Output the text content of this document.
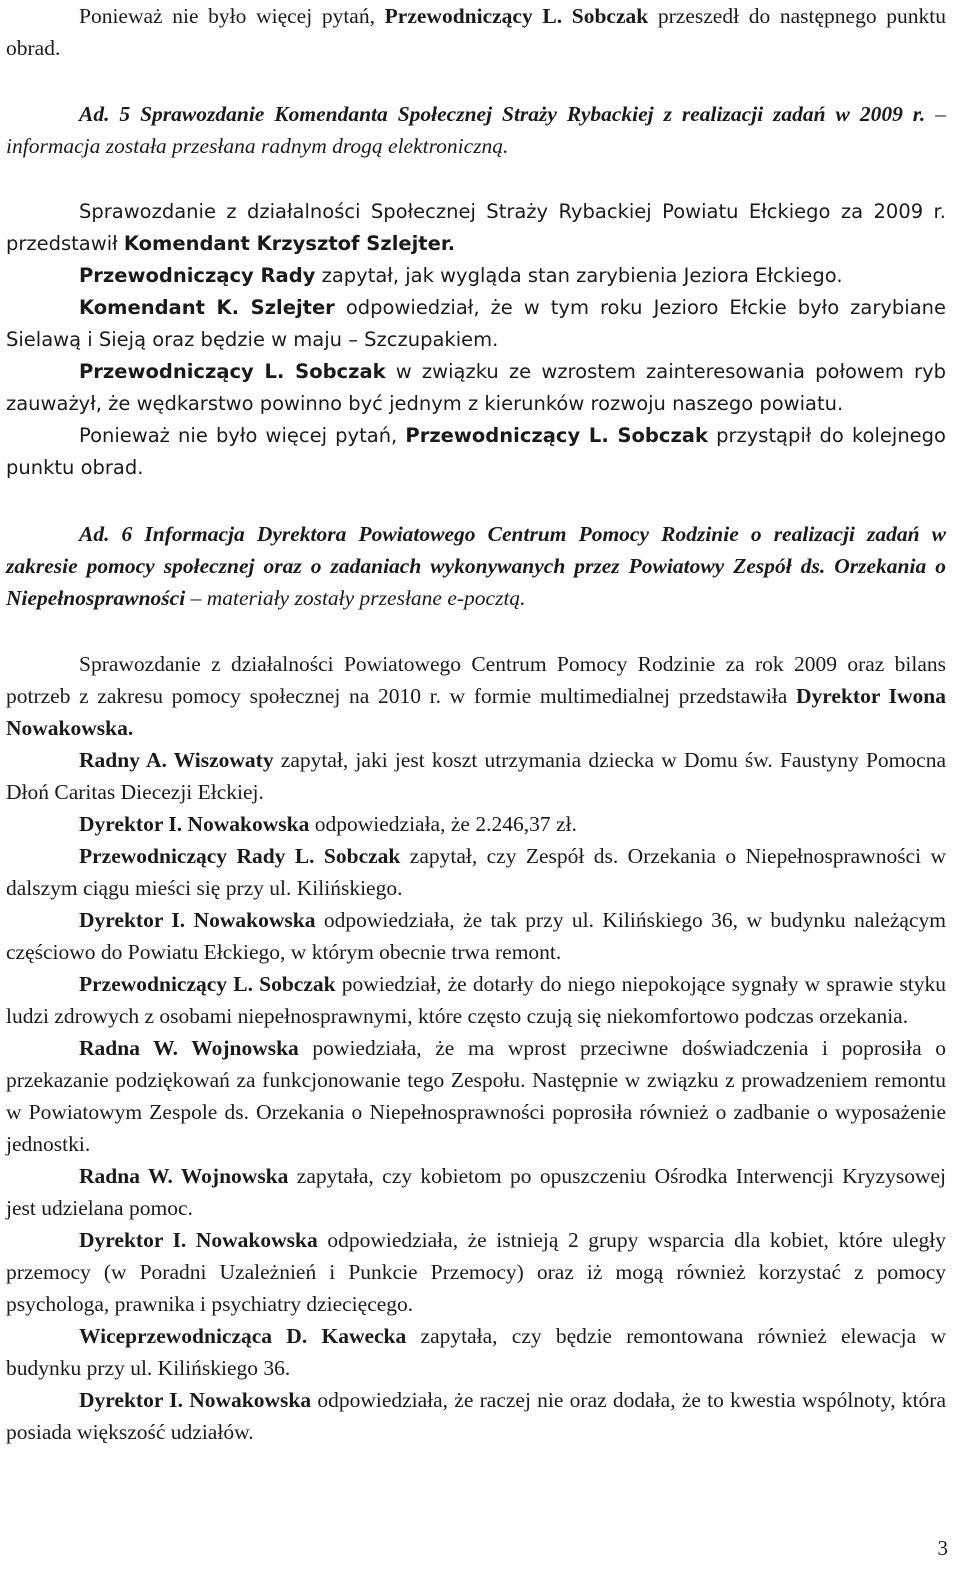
Ponieważ nie było więcej pytań, Przewodniczący L. Sobczak przeszedł do następnego punktu obrad.

Ad. 5 Sprawozdanie Komendanta Społecznej Straży Rybackiej z realizacji zadań w 2009 r. – informacja została przesłana radnym drogą elektroniczną.

Sprawozdanie z działalności Społecznej Straży Rybackiej Powiatu Ełckiego za 2009 r. przedstawił Komendant Krzysztof Szlejter.

Przewodniczący Rady zapytał, jak wygląda stan zarybienia Jeziora Ełckiego.

Komendant K. Szlejter odpowiedział, że w tym roku Jezioro Ełckie było zarybiane Sielawą i Sieją oraz będzie w maju – Szczupakiem.

Przewodniczący L. Sobczak w związku ze wzrostem zainteresowania połowem ryb zauważył, że wędkarstwo powinno być jednym z kierunków rozwoju naszego powiatu.

Ponieważ nie było więcej pytań, Przewodniczący L. Sobczak przystąpił do kolejnego punktu obrad.

Ad. 6 Informacja Dyrektora Powiatowego Centrum Pomocy Rodzinie o realizacji zadań w zakresie pomocy społecznej oraz o zadaniach wykonywanych przez Powiatowy Zespół ds. Orzekania o Niepełnosprawności – materiały zostały przesłane e-pocztą.

Sprawozdanie z działalności Powiatowego Centrum Pomocy Rodzinie za rok 2009 oraz bilans potrzeb z zakresu pomocy społecznej na 2010 r. w formie multimedialnej przedstawiła Dyrektor Iwona Nowakowska.

Radny A. Wiszowaty zapytał, jaki jest koszt utrzymania dziecka w Domu św. Faustyny Pomocna Dłoń Caritas Diecezji Ełckiej.

Dyrektor I. Nowakowska odpowiedziała, że 2.246,37 zł.

Przewodniczący Rady L. Sobczak zapytał, czy Zespół ds. Orzekania o Niepełnosprawności w dalszym ciągu mieści się przy ul. Kilińskiego.

Dyrektor I. Nowakowska odpowiedziała, że tak przy ul. Kilińskiego 36, w budynku należącym częściowo do Powiatu Ełckiego, w którym obecnie trwa remont.

Przewodniczący L. Sobczak powiedział, że dotarły do niego niepokojące sygnały w sprawie styku ludzi zdrowych z osobami niepełnosprawnymi, które często czują się niekomfortowo podczas orzekania.

Radna W. Wojnowska powiedziała, że ma wprost przeciwne doświadczenia i poprosiła o przekazanie podziękowań za funkcjonowanie tego Zespołu. Następnie w związku z prowadzeniem remontu w Powiatowym Zespole ds. Orzekania o Niepełnosprawności poprosiła również o zadbanie o wyposażenie jednostki.

Radna W. Wojnowska zapytała, czy kobietom po opuszczeniu Ośrodka Interwencji Kryzysowej jest udzielana pomoc.

Dyrektor I. Nowakowska odpowiedziała, że istnieją 2 grupy wsparcia dla kobiet, które uległy przemocy (w Poradni Uzależnień i Punkcie Przemocy) oraz iż mogą również korzystać z pomocy psychologa, prawnika i psychiatry dziecięcego.

Wiceprzewodnicząca D. Kawecka zapytała, czy będzie remontowana również elewacja w budynku przy ul. Kilińskiego 36.

Dyrektor I. Nowakowska odpowiedziała, że raczej nie oraz dodała, że to kwestia wspólnoty, która posiada większość udziałów.

3
